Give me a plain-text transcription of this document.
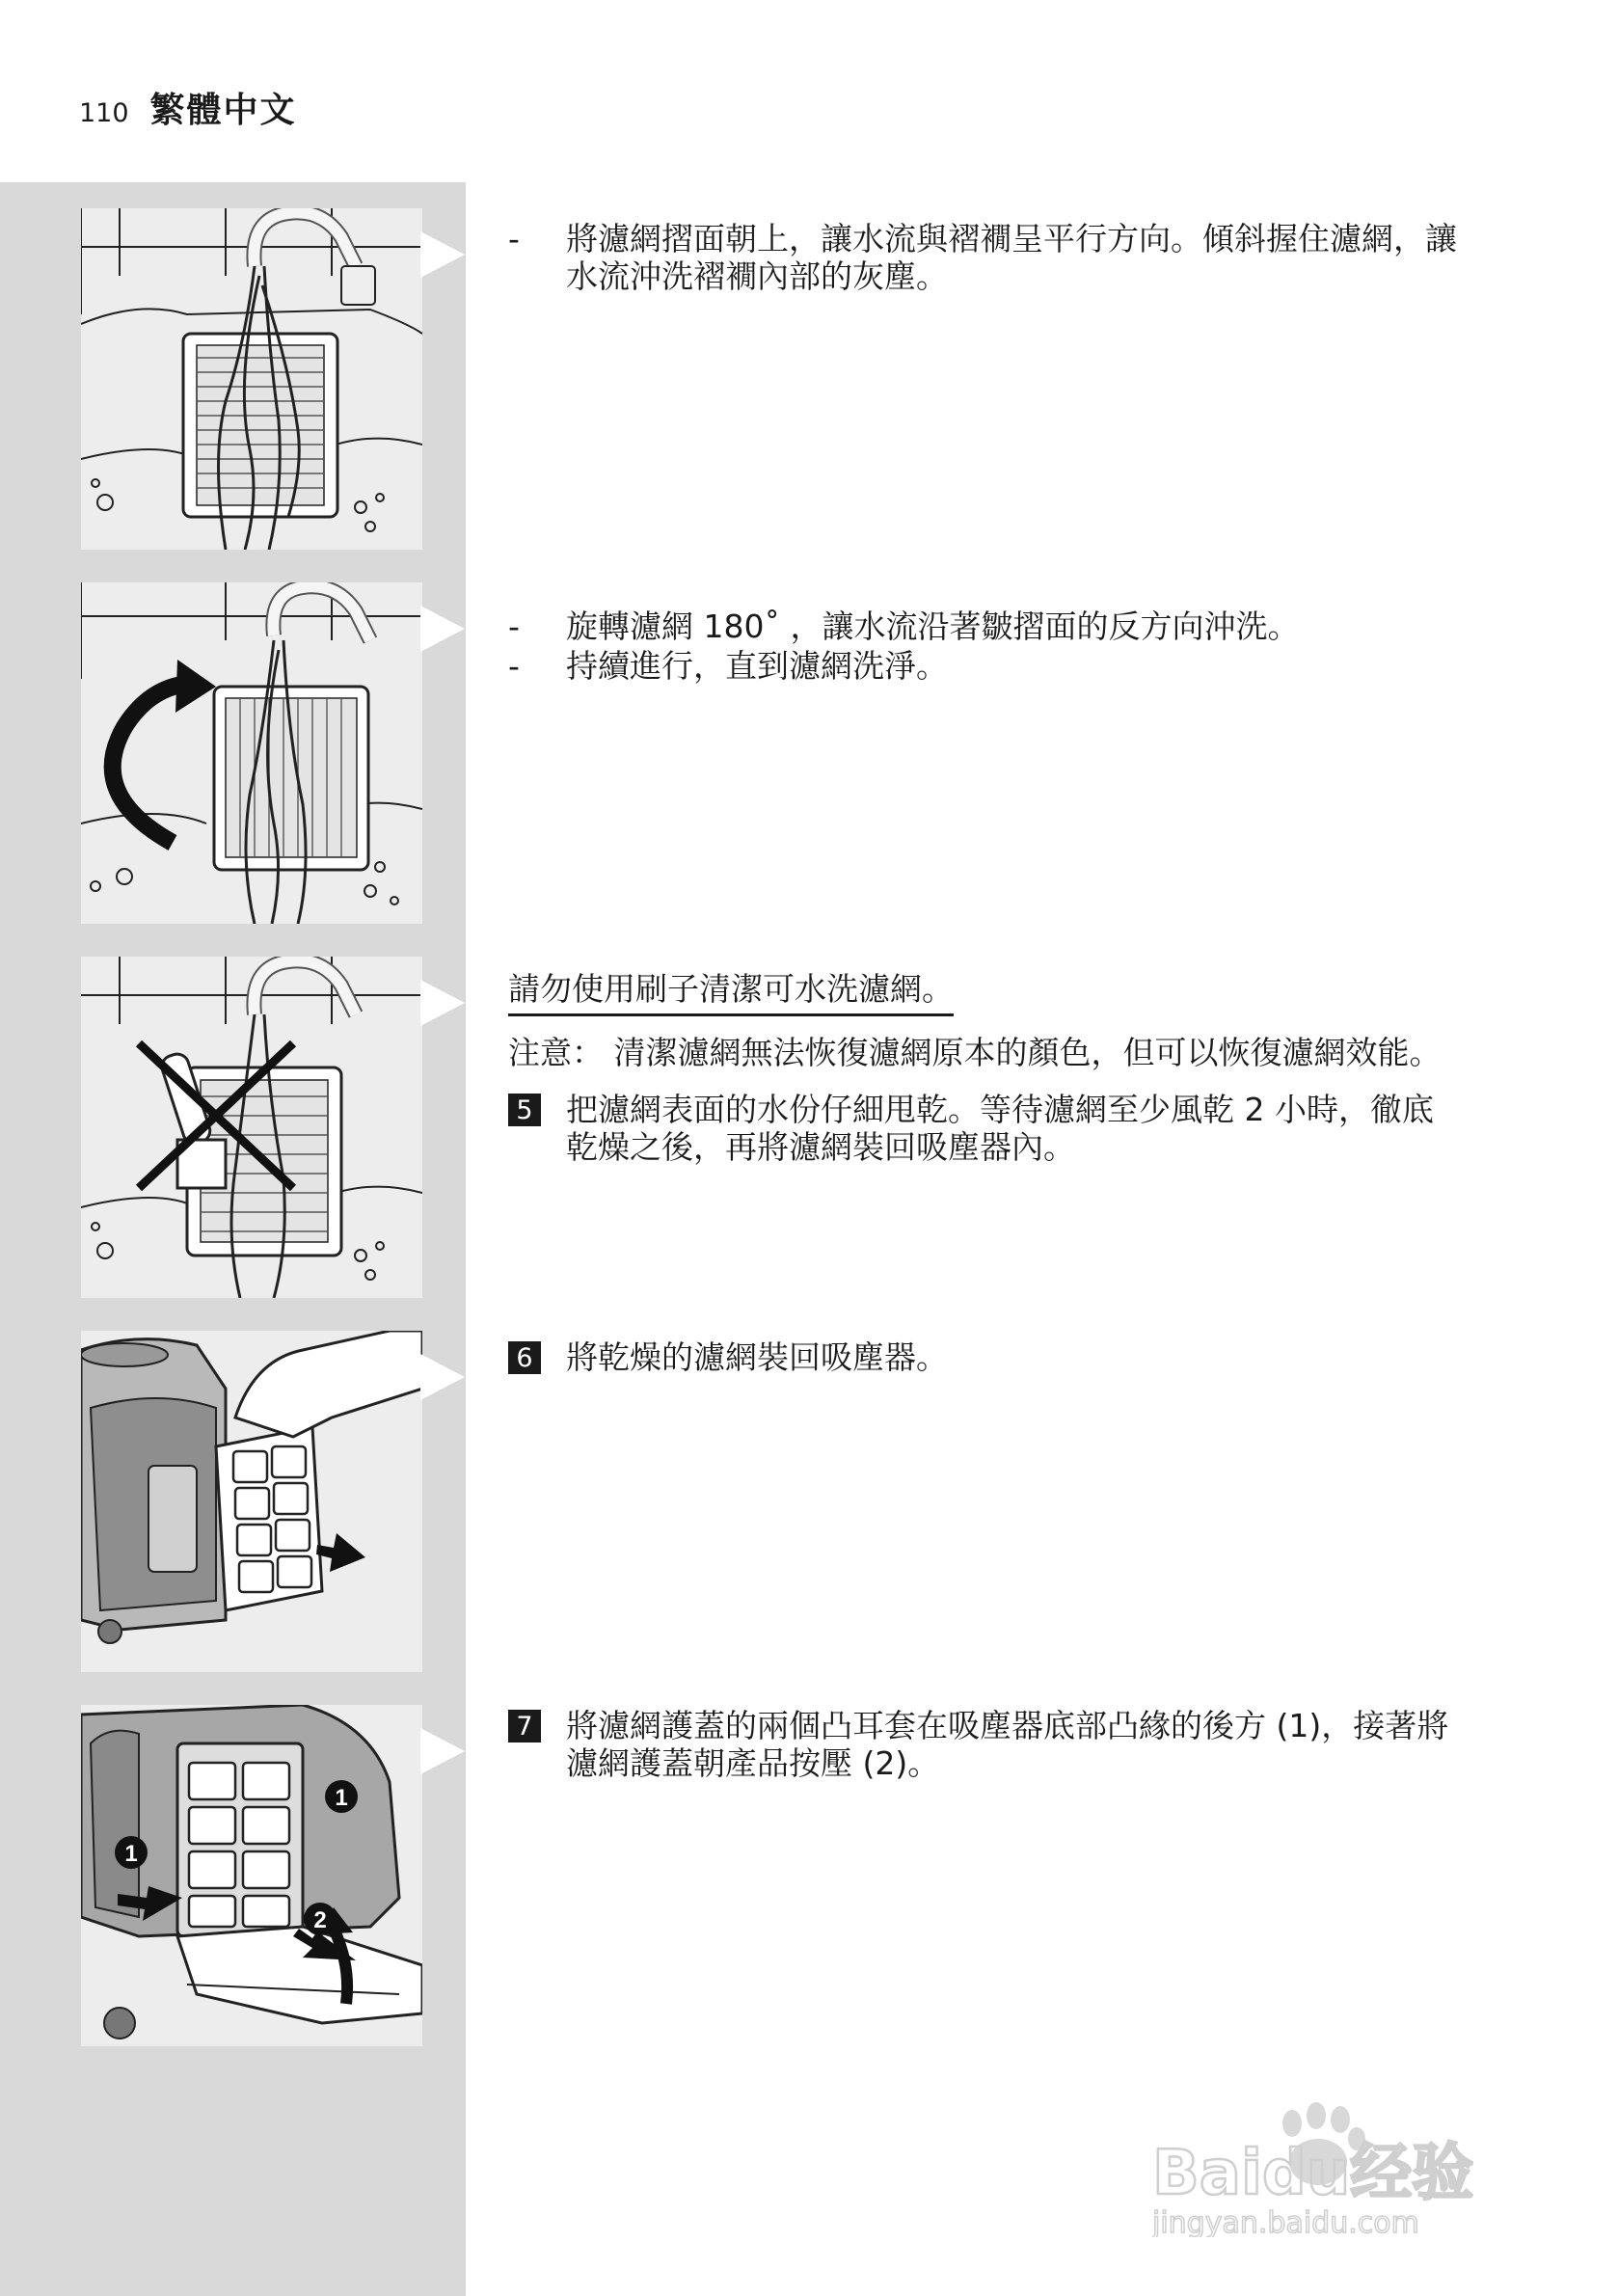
110 繁體中文
1
1
2
-	將濾網摺面朝上，讓水流與褶襉呈平行方向。傾斜握住濾網，讓
水流沖洗褶襉內部的灰塵。
-	旋轉濾網 180˚ ，讓水流沿著皺摺面的反方向沖洗。
-	持續進行，直到濾網洗淨。
請勿使用刷子清潔可水洗濾網。
注意： 清潔濾網無法恢復濾網原本的顏色，但可以恢復濾網效能。
5 把濾網表面的水份仔細甩乾。等待濾網至少風乾 2 小時，徹底
乾燥之後，再將濾網裝回吸塵器內。
6 將乾燥的濾網裝回吸塵器。
7 將濾網護蓋的兩個凸耳套在吸塵器底部凸緣的後方 (1)，接著將
濾網護蓋朝產品按壓 (2)。
Baidu经验
jingyan.baidu.com
